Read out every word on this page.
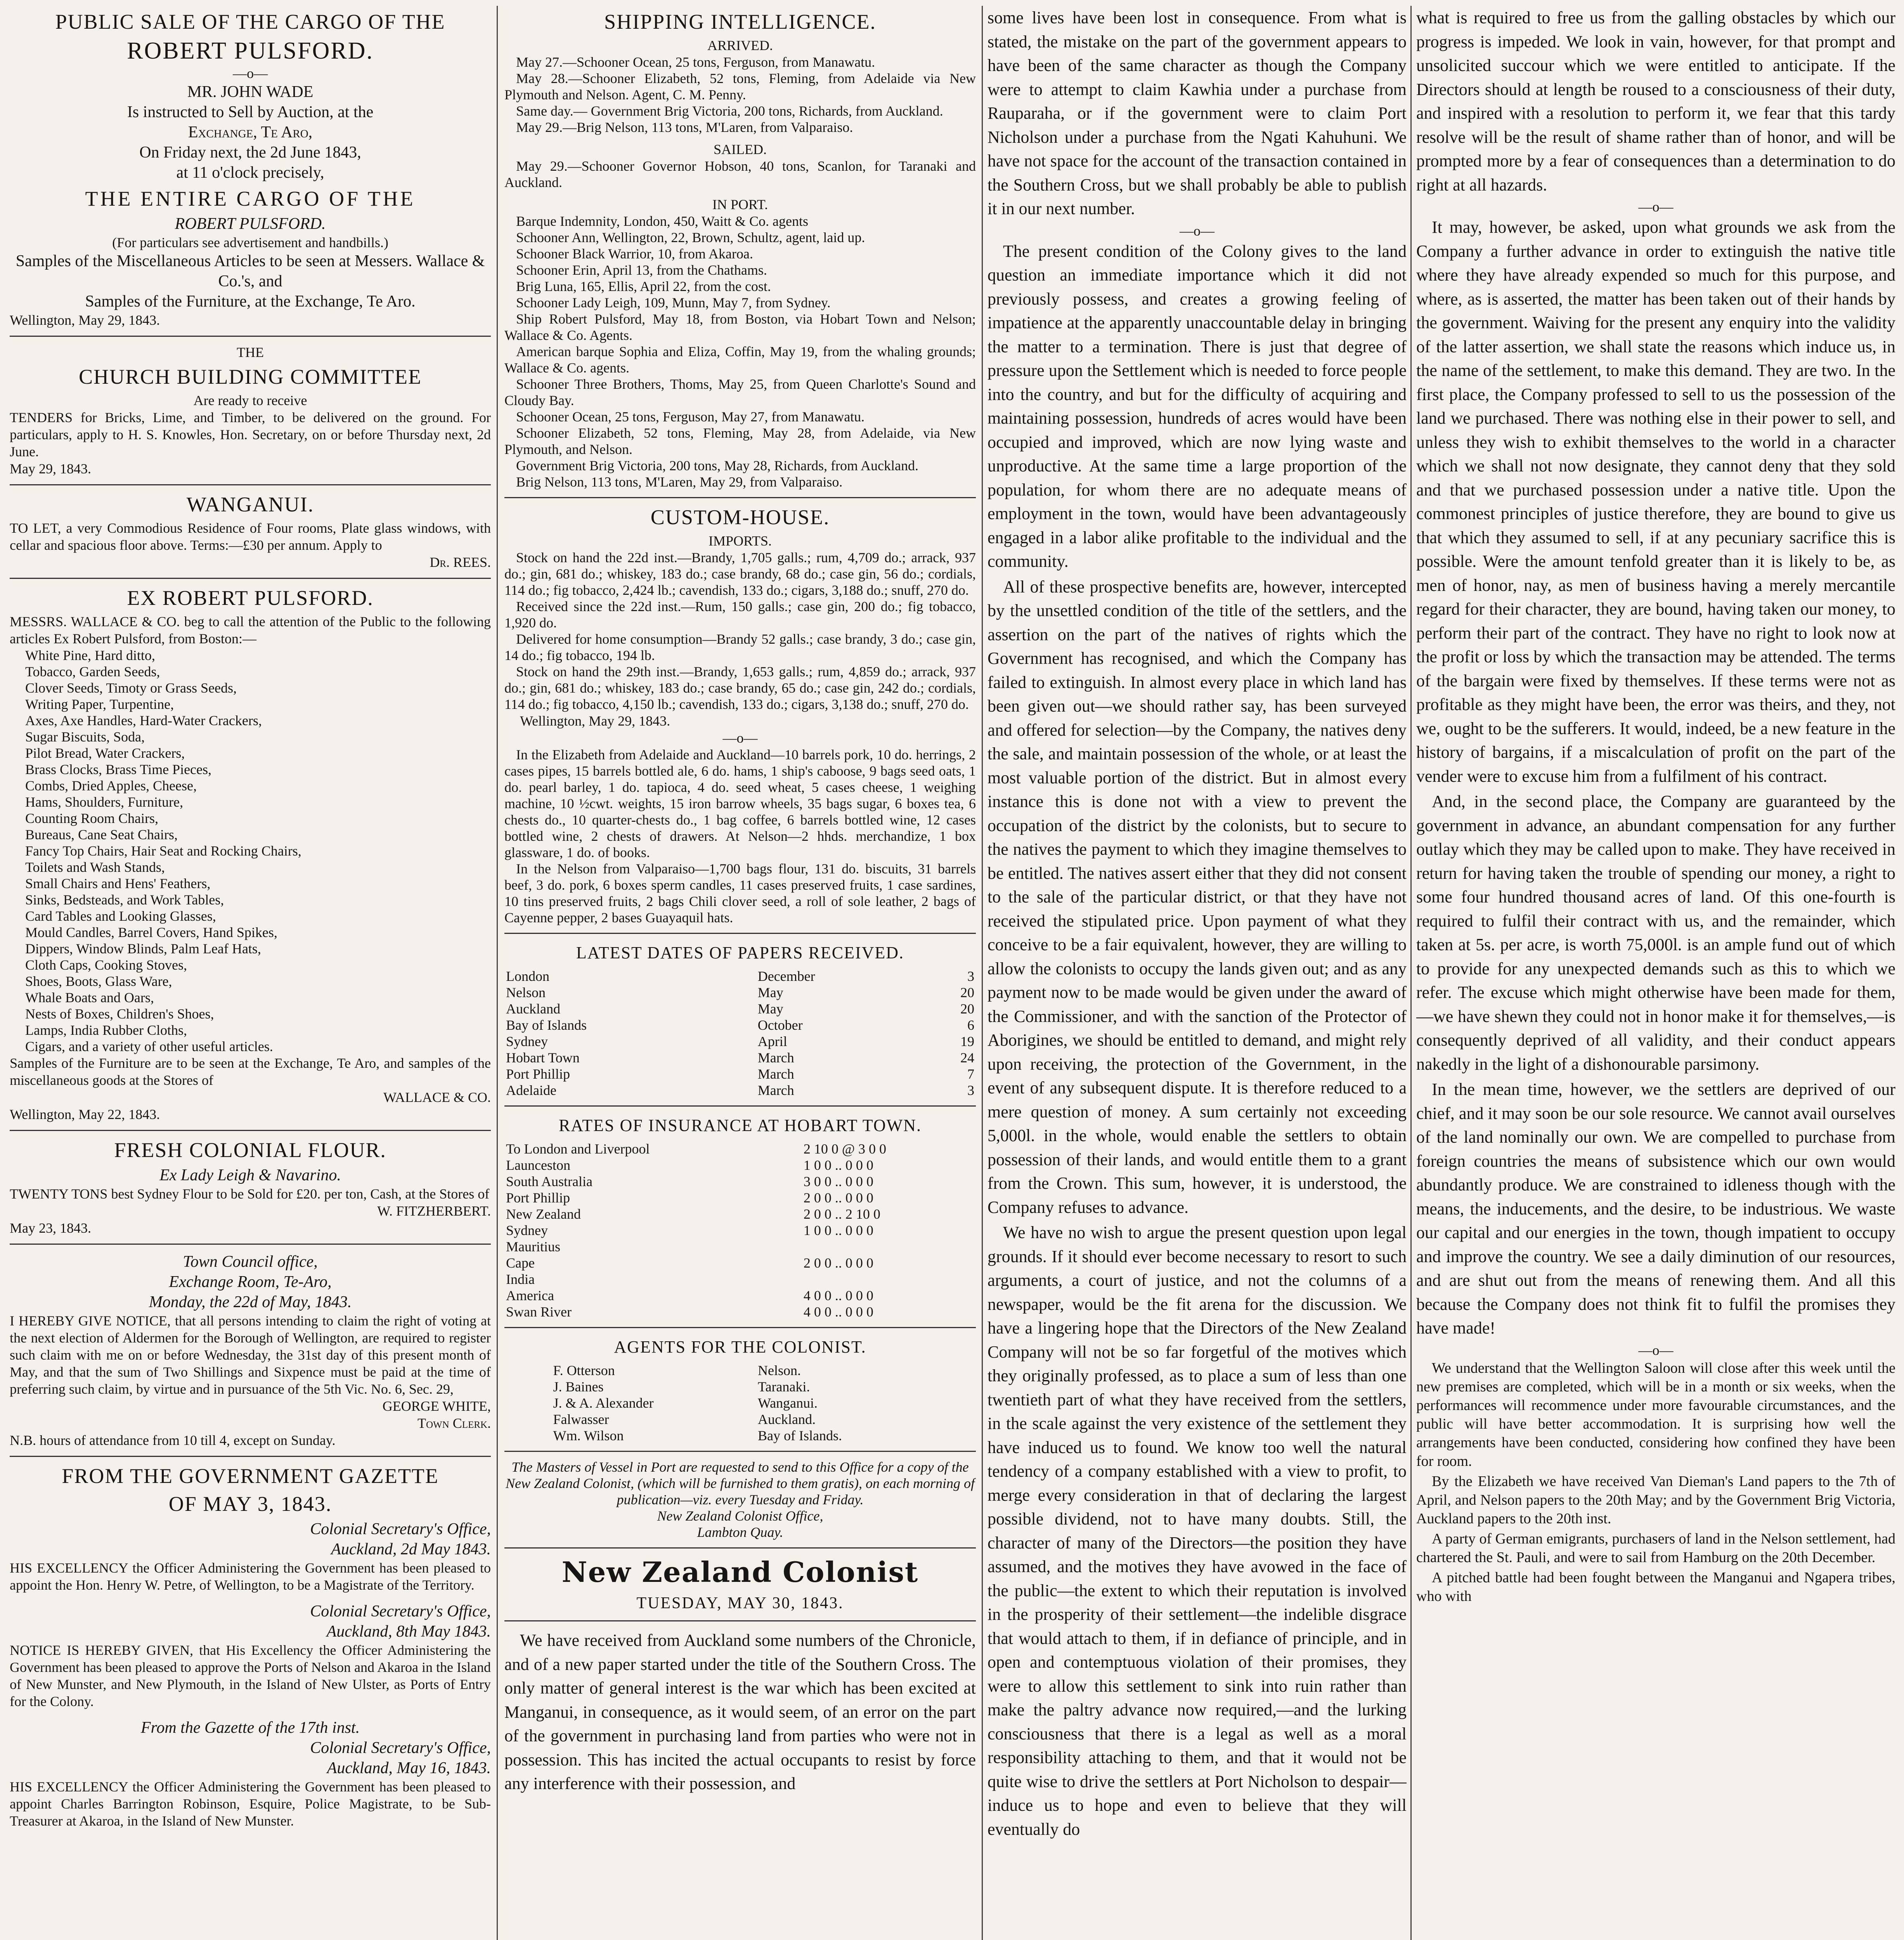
PUBLIC SALE OF THE CARGO OF THE
ROBERT PULSFORD.
—o—
MR. JOHN WADE
Is instructed to Sell by Auction, at the
Exchange, Te Aro,
On Friday next, the 2d June 1843,
at 11 o'clock precisely,
THE ENTIRE CARGO OF THE
ROBERT PULSFORD.
(For particulars see advertisement and handbills.)
Samples of the Miscellaneous Articles to be seen at Messers. Wallace & Co.'s, and
Samples of the Furniture, at the Exchange, Te Aro.
Wellington, May 29, 1843.
THE
CHURCH BUILDING COMMITTEE
Are ready to receive
TENDERS for Bricks, Lime, and Timber, to be delivered on the ground. For particulars, apply to H. S. Knowles, Hon. Secretary, on or before Thursday next, 2d June.
May 29, 1843.
WANGANUI.
TO LET, a very Commodious Residence of Four rooms, Plate glass windows, with cellar and spacious floor above. Terms:—£30 per annum. Apply to
Dr. REES.
EX ROBERT PULSFORD.
MESSRS. WALLACE & CO. beg to call the attention of the Public to the following articles Ex Robert Pulsford, from Boston:—
White Pine, Hard ditto,
Tobacco, Garden Seeds,
Clover Seeds, Timoty or Grass Seeds,
Writing Paper, Turpentine,
Axes, Axe Handles, Hard-Water Crackers,
Sugar Biscuits, Soda,
Pilot Bread, Water Crackers,
Brass Clocks, Brass Time Pieces,
Combs, Dried Apples, Cheese,
Hams, Shoulders, Furniture,
Counting Room Chairs,
Bureaus, Cane Seat Chairs,
Fancy Top Chairs, Hair Seat and Rocking Chairs,
Toilets and Wash Stands,
Small Chairs and Hens' Feathers,
Sinks, Bedsteads, and Work Tables,
Card Tables and Looking Glasses,
Mould Candles, Barrel Covers, Hand Spikes,
Dippers, Window Blinds, Palm Leaf Hats,
Cloth Caps, Cooking Stoves,
Shoes, Boots, Glass Ware,
Whale Boats and Oars,
Nests of Boxes, Children's Shoes,
Lamps, India Rubber Cloths,
Cigars, and a variety of other useful articles.
Samples of the Furniture are to be seen at the Exchange, Te Aro, and samples of the miscellaneous goods at the Stores of
WALLACE & CO.
Wellington, May 22, 1843.
FRESH COLONIAL FLOUR.
Ex Lady Leigh & Navarino.
TWENTY TONS best Sydney Flour to be Sold for £20. per ton, Cash, at the Stores of
W. FITZHERBERT.
May 23, 1843.
Town Council office,
Exchange Room, Te-Aro,
Monday, the 22d of May, 1843.
I HEREBY GIVE NOTICE, that all persons intending to claim the right of voting at the next election of Aldermen for the Borough of Wellington, are required to register such claim with me on or before Wednesday, the 31st day of this present month of May, and that the sum of Two Shillings and Sixpence must be paid at the time of preferring such claim, by virtue and in pursuance of the 5th Vic. No. 6, Sec. 29,
GEORGE WHITE,
Town Clerk.
N.B. hours of attendance from 10 till 4, except on Sunday.
FROM THE GOVERNMENT GAZETTE
OF MAY 3, 1843.
Colonial Secretary's Office,
Auckland, 2d May 1843.
HIS EXCELLENCY the Officer Administering the Government has been pleased to appoint the Hon. Henry W. Petre, of Wellington, to be a Magistrate of the Territory.
Colonial Secretary's Office,
Auckland, 8th May 1843.
NOTICE IS HEREBY GIVEN, that His Excellency the Officer Administering the Government has been pleased to approve the Ports of Nelson and Akaroa in the Island of New Munster, and New Plymouth, in the Island of New Ulster, as Ports of Entry for the Colony.
From the Gazette of the 17th inst.
Colonial Secretary's Office,
Auckland, May 16, 1843.
HIS EXCELLENCY the Officer Administering the Government has been pleased to appoint Charles Barrington Robinson, Esquire, Police Magistrate, to be Sub-Treasurer at Akaroa, in the Island of New Munster.
SHIPPING INTELLIGENCE.
ARRIVED.
May 27.—Schooner Ocean, 25 tons, Ferguson, from Manawatu.
May 28.—Schooner Elizabeth, 52 tons, Fleming, from Adelaide via New Plymouth and Nelson. Agent, C. M. Penny.
Same day.— Government Brig Victoria, 200 tons, Richards, from Auckland.
May 29.—Brig Nelson, 113 tons, M'Laren, from Valparaiso.
SAILED.
May 29.—Schooner Governor Hobson, 40 tons, Scanlon, for Taranaki and Auckland.
IN PORT.
Barque Indemnity, London, 450, Waitt & Co. agents
Schooner Ann, Wellington, 22, Brown, Schultz, agent, laid up.
Schooner Black Warrior, 10, from Akaroa.
Schooner Erin, April 13, from the Chathams.
Brig Luna, 165, Ellis, April 22, from the cost.
Schooner Lady Leigh, 109, Munn, May 7, from Sydney.
Ship Robert Pulsford, May 18, from Boston, via Hobart Town and Nelson; Wallace & Co. Agents.
American barque Sophia and Eliza, Coffin, May 19, from the whaling grounds; Wallace & Co. agents.
Schooner Three Brothers, Thoms, May 25, from Queen Charlotte's Sound and Cloudy Bay.
Schooner Ocean, 25 tons, Ferguson, May 27, from Manawatu.
Schooner Elizabeth, 52 tons, Fleming, May 28, from Adelaide, via New Plymouth, and Nelson.
Government Brig Victoria, 200 tons, May 28, Richards, from Auckland.
Brig Nelson, 113 tons, M'Laren, May 29, from Valparaiso.
CUSTOM-HOUSE.
IMPORTS.
Stock on hand the 22d inst.—Brandy, 1,705 galls.; rum, 4,709 do.; arrack, 937 do.; gin, 681 do.; whiskey, 183 do.; case brandy, 68 do.; case gin, 56 do.; cordials, 114 do.; fig tobacco, 2,424 lb.; cavendish, 133 do.; cigars, 3,188 do.; snuff, 270 do.
Received since the 22d inst.—Rum, 150 galls.; case gin, 200 do.; fig tobacco, 1,920 do.
Delivered for home consumption—Brandy 52 galls.; case brandy, 3 do.; case gin, 14 do.; fig tobacco, 194 lb.
Stock on hand the 29th inst.—Brandy, 1,653 galls.; rum, 4,859 do.; arrack, 937 do.; gin, 681 do.; whiskey, 183 do.; case brandy, 65 do.; case gin, 242 do.; cordials, 114 do.; fig tobacco, 4,150 lb.; cavendish, 133 do.; cigars, 3,138 do.; snuff, 270 do.
Wellington, May 29, 1843.
—o—
In the Elizabeth from Adelaide and Auckland—10 barrels pork, 10 do. herrings, 2 cases pipes, 15 barrels bottled ale, 6 do. hams, 1 ship's caboose, 9 bags seed oats, 1 do. pearl barley, 1 do. tapioca, 4 do. seed wheat, 5 cases cheese, 1 weighing machine, 10 ½cwt. weights, 15 iron barrow wheels, 35 bags sugar, 6 boxes tea, 6 chests do., 10 quarter-chests do., 1 bag coffee, 6 barrels bottled wine, 12 cases bottled wine, 2 chests of drawers. At Nelson—2 hhds. merchandize, 1 box glassware, 1 do. of books.
In the Nelson from Valparaiso—1,700 bags flour, 131 do. biscuits, 31 barrels beef, 3 do. pork, 6 boxes sperm candles, 11 cases preserved fruits, 1 case sardines, 10 tins preserved fruits, 2 bags Chili clover seed, a roll of sole leather, 2 bags of Cayenne pepper, 2 bases Guayaquil hats.
LATEST DATES OF PAPERS RECEIVED.
London	December	3
Nelson	May	20
Auckland	May	20
Bay of Islands	October	6
Sydney	April	19
Hobart Town	March	24
Port Phillip	March	7
Adelaide	March	3
RATES OF INSURANCE AT HOBART TOWN.
To London and Liverpool	2 10 0 @ 3 0 0
Launceston	1 0 0 .. 0 0 0
South Australia	3 0 0 .. 0 0 0
Port Phillip	2 0 0 .. 0 0 0
New Zealand	2 0 0 .. 2 10 0
Sydney	1 0 0 .. 0 0 0
Mauritius	
Cape	2 0 0 .. 0 0 0
India	
America	4 0 0 .. 0 0 0
Swan River	4 0 0 .. 0 0 0
AGENTS FOR THE COLONIST.
F. Otterson	Nelson.
J. Baines	Taranaki.
J. & A. Alexander	Wanganui.
Falwasser	Auckland.
Wm. Wilson	Bay of Islands.
The Masters of Vessel in Port are requested to send to this Office for a copy of the New Zealand Colonist, (which will be furnished to them gratis), on each morning of publication—viz. every Tuesday and Friday.
New Zealand Colonist Office,
Lambton Quay.
New Zealand Colonist
TUESDAY, MAY 30, 1843.

We have received from Auckland some numbers of the Chronicle, and of a new paper started under the title of the Southern Cross. The only matter of general interest is the war which has been excited at Manganui, in consequence, as it would seem, of an error on the part of the government in purchasing land from parties who were not in possession. This has incited the actual occupants to resist by force any interference with their possession, and

some lives have been lost in consequence. From what is stated, the mistake on the part of the government appears to have been of the same character as though the Company were to attempt to claim Kawhia under a purchase from Rauparaha, or if the government were to claim Port Nicholson under a purchase from the Ngati Kahuhuni. We have not space for the account of the transaction contained in the Southern Cross, but we shall probably be able to publish it in our next number.

—o—

The present condition of the Colony gives to the land question an immediate importance which it did not previously possess, and creates a growing feeling of impatience at the apparently unaccountable delay in bringing the matter to a termination. There is just that degree of pressure upon the Settlement which is needed to force people into the country, and but for the difficulty of acquiring and maintaining possession, hundreds of acres would have been occupied and improved, which are now lying waste and unproductive. At the same time a large proportion of the population, for whom there are no adequate means of employment in the town, would have been advantageously engaged in a labor alike profitable to the individual and the community.

All of these prospective benefits are, however, intercepted by the unsettled condition of the title of the settlers, and the assertion on the part of the natives of rights which the Government has recognised, and which the Company has failed to extinguish. In almost every place in which land has been given out—we should rather say, has been surveyed and offered for selection—by the Company, the natives deny the sale, and maintain possession of the whole, or at least the most valuable portion of the district. But in almost every instance this is done not with a view to prevent the occupation of the district by the colonists, but to secure to the natives the payment to which they imagine themselves to be entitled. The natives assert either that they did not consent to the sale of the particular district, or that they have not received the stipulated price. Upon payment of what they conceive to be a fair equivalent, however, they are willing to allow the colonists to occupy the lands given out; and as any payment now to be made would be given under the award of the Commissioner, and with the sanction of the Protector of Aborigines, we should be entitled to demand, and might rely upon receiving, the protection of the Government, in the event of any subsequent dispute. It is therefore reduced to a mere question of money. A sum certainly not exceeding 5,000l. in the whole, would enable the settlers to obtain possession of their lands, and would entitle them to a grant from the Crown. This sum, however, it is understood, the Company refuses to advance.

We have no wish to argue the present question upon legal grounds. If it should ever become necessary to resort to such arguments, a court of justice, and not the columns of a newspaper, would be the fit arena for the discussion. We have a lingering hope that the Directors of the New Zealand Company will not be so far forgetful of the motives which they originally professed, as to place a sum of less than one twentieth part of what they have received from the settlers, in the scale against the very existence of the settlement they have induced us to found. We know too well the natural tendency of a company established with a view to profit, to merge every consideration in that of declaring the largest possible dividend, not to have many doubts. Still, the character of many of the Directors—the position they have assumed, and the motives they have avowed in the face of the public—the extent to which their reputation is involved in the prosperity of their settlement—the indelible disgrace that would attach to them, if in defiance of principle, and in open and contemptuous violation of their promises, they were to allow this settlement to sink into ruin rather than make the paltry advance now required,—and the lurking consciousness that there is a legal as well as a moral responsibility attaching to them, and that it would not be quite wise to drive the settlers at Port Nicholson to despair—induce us to hope and even to believe that they will eventually do

what is required to free us from the galling obstacles by which our progress is impeded. We look in vain, however, for that prompt and unsolicited succour which we were entitled to anticipate. If the Directors should at length be roused to a consciousness of their duty, and inspired with a resolution to perform it, we fear that this tardy resolve will be the result of shame rather than of honor, and will be prompted more by a fear of consequences than a determination to do right at all hazards.

—o—

It may, however, be asked, upon what grounds we ask from the Company a further advance in order to extinguish the native title where they have already expended so much for this purpose, and where, as is asserted, the matter has been taken out of their hands by the government. Waiving for the present any enquiry into the validity of the latter assertion, we shall state the reasons which induce us, in the name of the settlement, to make this demand. They are two. In the first place, the Company professed to sell to us the possession of the land we purchased. There was nothing else in their power to sell, and unless they wish to exhibit themselves to the world in a character which we shall not now designate, they cannot deny that they sold and that we purchased possession under a native title. Upon the commonest principles of justice therefore, they are bound to give us that which they assumed to sell, if at any pecuniary sacrifice this is possible. Were the amount tenfold greater than it is likely to be, as men of honor, nay, as men of business having a merely mercantile regard for their character, they are bound, having taken our money, to perform their part of the contract. They have no right to look now at the profit or loss by which the transaction may be attended. The terms of the bargain were fixed by themselves. If these terms were not as profitable as they might have been, the error was theirs, and they, not we, ought to be the sufferers. It would, indeed, be a new feature in the history of bargains, if a miscalculation of profit on the part of the vender were to excuse him from a fulfilment of his contract.

And, in the second place, the Company are guaranteed by the government in advance, an abundant compensation for any further outlay which they may be called upon to make. They have received in return for having taken the trouble of spending our money, a right to some four hundred thousand acres of land. Of this one-fourth is required to fulfil their contract with us, and the remainder, which taken at 5s. per acre, is worth 75,000l. is an ample fund out of which to provide for any unexpected demands such as this to which we refer. The excuse which might otherwise have been made for them, —we have shewn they could not in honor make it for themselves,—is consequently deprived of all validity, and their conduct appears nakedly in the light of a dishonourable parsimony.

In the mean time, however, we the settlers are deprived of our chief, and it may soon be our sole resource. We cannot avail ourselves of the land nominally our own. We are compelled to purchase from foreign countries the means of subsistence which our own would abundantly produce. We are constrained to idleness though with the means, the inducements, and the desire, to be industrious. We waste our capital and our energies in the town, though impatient to occupy and improve the country. We see a daily diminution of our resources, and are shut out from the means of renewing them. And all this because the Company does not think fit to fulfil the promises they have made!

—o—

We understand that the Wellington Saloon will close after this week until the new premises are completed, which will be in a month or six weeks, when the performances will recommence under more favourable circumstances, and the public will have better accommodation. It is surprising how well the arrangements have been conducted, considering how confined they have been for room.

By the Elizabeth we have received Van Dieman's Land papers to the 7th of April, and Nelson papers to the 20th May; and by the Government Brig Victoria, Auckland papers to the 20th inst.

A party of German emigrants, purchasers of land in the Nelson settlement, had chartered the St. Pauli, and were to sail from Hamburg on the 20th December.

A pitched battle had been fought between the Manganui and Ngapera tribes, who with
